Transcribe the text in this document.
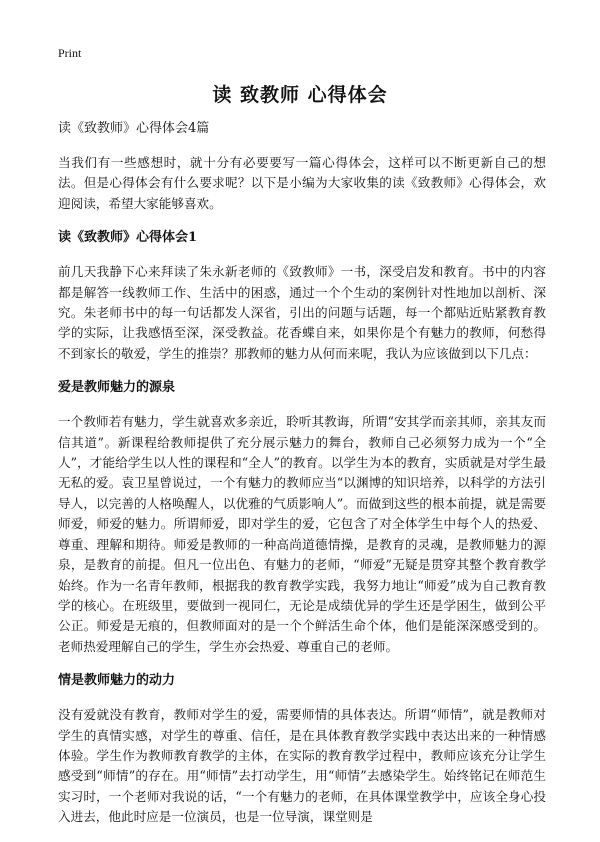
Print
读 致教师 心得体会
读《致教师》心得体会4篇

当我们有一些感想时，就十分有必要要写一篇心得体会，这样可以不断更新自己的想法。但是心得体会有什么要求呢？以下是小编为大家收集的读《致教师》心得体会，欢迎阅读，希望大家能够喜欢。

读《致教师》心得体会1

前几天我静下心来拜读了朱永新老师的《致教师》一书，深受启发和教育。书中的内容都是解答一线教师工作、生活中的困惑，通过一个个生动的案例针对性地加以剖析、深究。朱老师书中的每一句话都发人深省，引出的问题与话题，每一个都贴近贴紧教育教学的实际，让我感悟至深，深受教益。花香蝶自来，如果你是个有魅力的教师，何愁得不到家长的敬爱，学生的推崇？那教师的魅力从何而来呢，我认为应该做到以下几点：

爱是教师魅力的源泉

一个教师若有魅力，学生就喜欢多亲近，聆听其教诲，所谓“安其学而亲其师，亲其友而信其道”。新课程给教师提供了充分展示魅力的舞台，教师自己必须努力成为一个“全人”，才能给学生以人性的课程和“全人”的教育。以学生为本的教育，实质就是对学生最无私的爱。袁卫星曾说过，一个有魅力的教师应当“以渊博的知识培养，以科学的方法引导人，以完善的人格唤醒人，以优雅的气质影响人”。而做到这些的根本前提，就是需要师爱，师爱的魅力。所谓师爱，即对学生的爱，它包含了对全体学生中每个人的热爱、尊重、理解和期待。师爱是教师的一种高尚道德情操，是教育的灵魂，是教师魅力的源泉，是教育的前提。但凡一位出色、有魅力的老师，“师爱”无疑是贯穿其整个教育教学始终。作为一名青年教师，根据我的教育教学实践，我努力地让“师爱”成为自己教育教学的核心。在班级里，要做到一视同仁，无论是成绩优异的学生还是学困生，做到公平公正。师爱是无痕的，但教师面对的是一个个鲜活生命个体，他们是能深深感受到的。老师热爱理解自己的学生，学生亦会热爱、尊重自己的老师。

情是教师魅力的动力

没有爱就没有教育，教师对学生的爱，需要师情的具体表达。所谓“师情”，就是教师对学生的真情实感，对学生的尊重、信任，是在具体教育教学实践中表达出来的一种情感体验。学生作为教师教育教学的主体，在实际的教育教学过程中，教师应该充分让学生感受到“师情”的存在。用“师情”去打动学生，用“师情”去感染学生。始终铭记在师范生实习时，一个老师对我说的话，“一个有魅力的老师，在具体课堂教学中，应该全身心投入进去，他此时应是一位演员，也是一位导演，课堂则是
